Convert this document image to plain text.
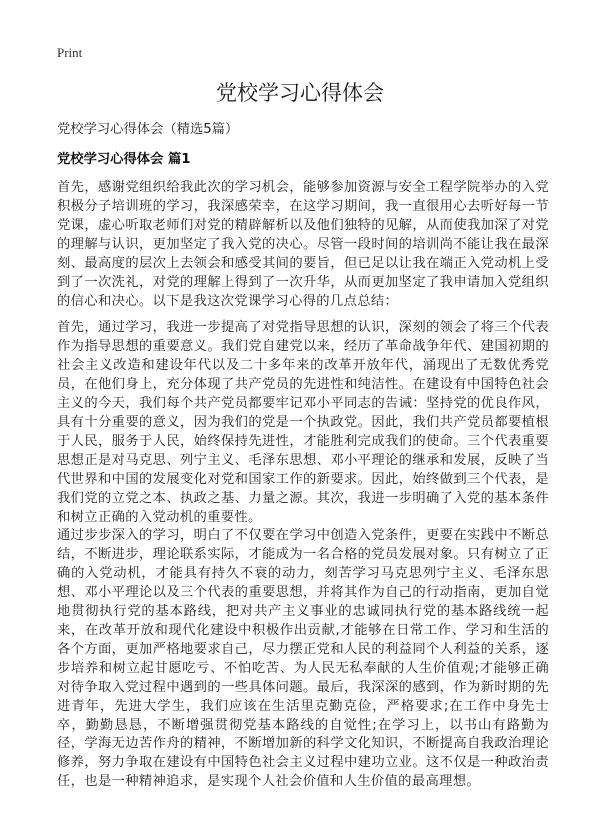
Print
党校学习心得体会
党校学习心得体会（精选5篇）
党校学习心得体会 篇1

首先，感谢党组织给我此次的学习机会，能够参加资源与安全工程学院举办的入党积极分子培训班的学习，我深感荣幸，在这学习期间，我一直很用心去听好每一节党课，虚心听取老师们对党的精辟解析以及他们独特的见解，从而使我加深了对党的理解与认识，更加坚定了我入党的决心。尽管一段时间的培训尚不能让我在最深刻、最高度的层次上去领会和感受其间的要旨，但已足以让我在端正入党动机上受到了一次洗礼，对党的理解上得到了一次升华，从而更加坚定了我申请加入党组织的信心和决心。以下是我这次党课学习心得的几点总结：

首先，通过学习，我进一步提高了对党指导思想的认识，深刻的领会了将三个代表作为指导思想的重要意义。我们党自建党以来，经历了革命战争年代、建国初期的社会主义改造和建设年代以及二十多年来的改革开放年代，涌现出了无数优秀党员，在他们身上，充分体现了共产党员的先进性和纯洁性。在建设有中国特色社会主义的今天，我们每个共产党员都要牢记邓小平同志的告诫：坚持党的优良作风，具有十分重要的意义，因为我们的党是一个执政党。因此，我们共产党员都要植根于人民，服务于人民，始终保持先进性，才能胜利完成我们的使命。三个代表重要思想正是对马克思、列宁主义、毛泽东思想、邓小平理论的继承和发展，反映了当代世界和中国的发展变化对党和国家工作的新要求。因此，始终做到三个代表，是我们党的立党之本、执政之基、力量之源。其次，我进一步明确了入党的基本条件和树立正确的入党动机的重要性。

通过步步深入的学习，明白了不仅要在学习中创造入党条件，更要在实践中不断总结，不断进步，理论联系实际，才能成为一名合格的党员发展对象。只有树立了正确的入党动机，才能具有持久不衰的动力，刻苦学习马克思列宁主义、毛泽东思想、邓小平理论以及三个代表的重要思想，并将其作为自己的行动指南，更加自觉地贯彻执行党的基本路线，把对共产主义事业的忠诚同执行党的基本路线统一起来，在改革开放和现代化建设中积极作出贡献,才能够在日常工作、学习和生活的各个方面，更加严格地要求自己，尽力摆正党和人民的利益同个人利益的关系，逐步培养和树立起甘愿吃亏、不怕吃苦、为人民无私奉献的人生价值观;才能够正确对待争取入党过程中遇到的一些具体问题。最后，我深深的感到，作为新时期的先进青年，先进大学生，我们应该在生活里克勤克俭，严格要求;在工作中身先士卒，勤勤恳恳，不断增强贯彻党基本路线的自觉性;在学习上，以书山有路勤为径，学海无边苦作舟的精神，不断增加新的科学文化知识，不断提高自我政治理论修养，努力争取在建设有中国特色社会主义过程中建功立业。这不仅是一种政治责任，也是一种精神追求，是实现个人社会价值和人生价值的最高理想。
